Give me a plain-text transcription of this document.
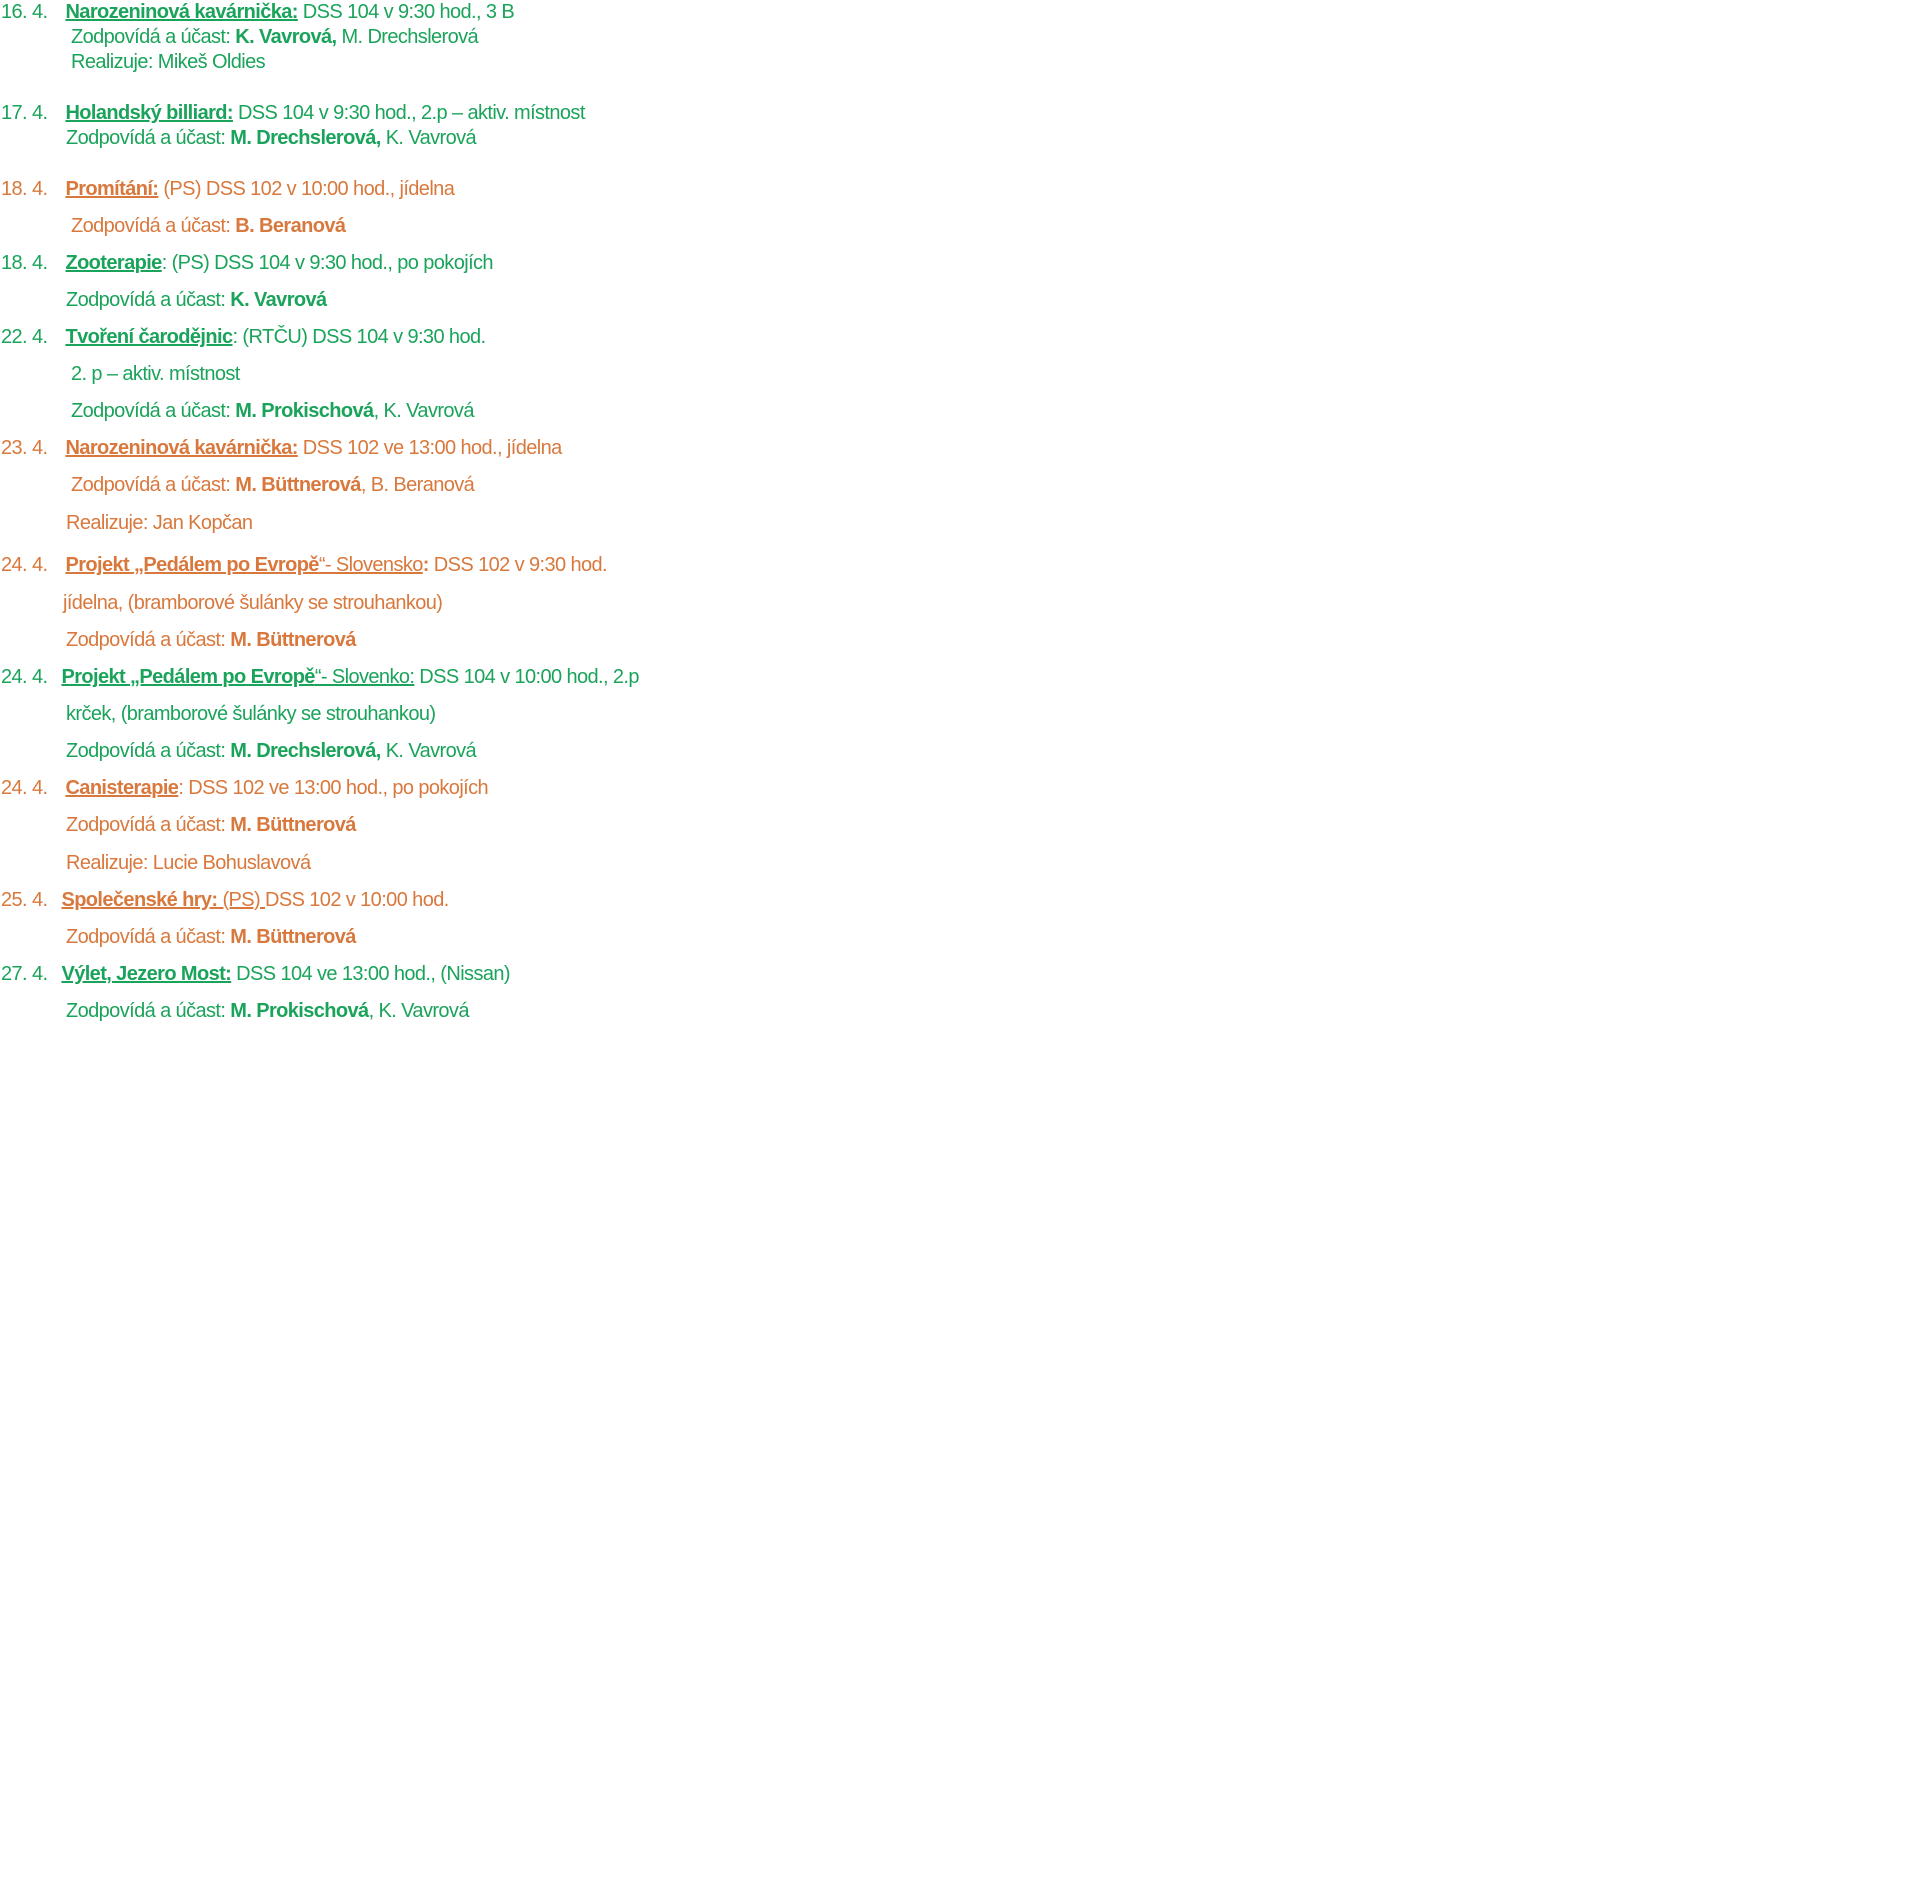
16. 4. Narozeninová kavárnička: DSS 104 v 9:30 hod., 3 B
Zodpovídá a účast: K. Vavrová, M. Drechslerová
Realizuje: Mikeš Oldies
17. 4. Holandský billiard: DSS 104 v 9:30 hod., 2.p – aktiv. místnost
Zodpovídá a účast: M. Drechslerová, K. Vavrová
18. 4. Promítání: (PS) DSS 102 v 10:00 hod., jídelna
Zodpovídá a účast: B. Beranová
18. 4. Zooterapie: (PS) DSS 104 v 9:30 hod., po pokojích
Zodpovídá a účast: K. Vavrová
22. 4. Tvoření čarodějnic: (RTČU) DSS 104 v 9:30 hod.
2. p – aktiv. místnost
Zodpovídá a účast: M. Prokischová, K. Vavrová
23. 4. Narozeninová kavárnička: DSS 102 ve 13:00 hod., jídelna
Zodpovídá a účast: M. Büttnerová, B. Beranová
Realizuje: Jan Kopčan
24. 4. Projekt „Pedálem po Evropě“- Slovensko: DSS 102 v 9:30 hod.
jídelna, (bramborové šulánky se strouhankou)
Zodpovídá a účast: M. Büttnerová
24. 4. Projekt „Pedálem po Evropě“- Slovenko: DSS 104 v 10:00 hod., 2.p
krček, (bramborové šulánky se strouhankou)
Zodpovídá a účast: M. Drechslerová, K. Vavrová
24. 4. Canisterapie: DSS 102 ve 13:00 hod., po pokojích
Zodpovídá a účast: M. Büttnerová
Realizuje: Lucie Bohuslavová
25. 4. Společenské hry: (PS) DSS 102 v 10:00 hod.
Zodpovídá a účast: M. Büttnerová
27. 4. Výlet, Jezero Most: DSS 104 ve 13:00 hod., (Nissan)
Zodpovídá a účast: M. Prokischová, K. Vavrová
